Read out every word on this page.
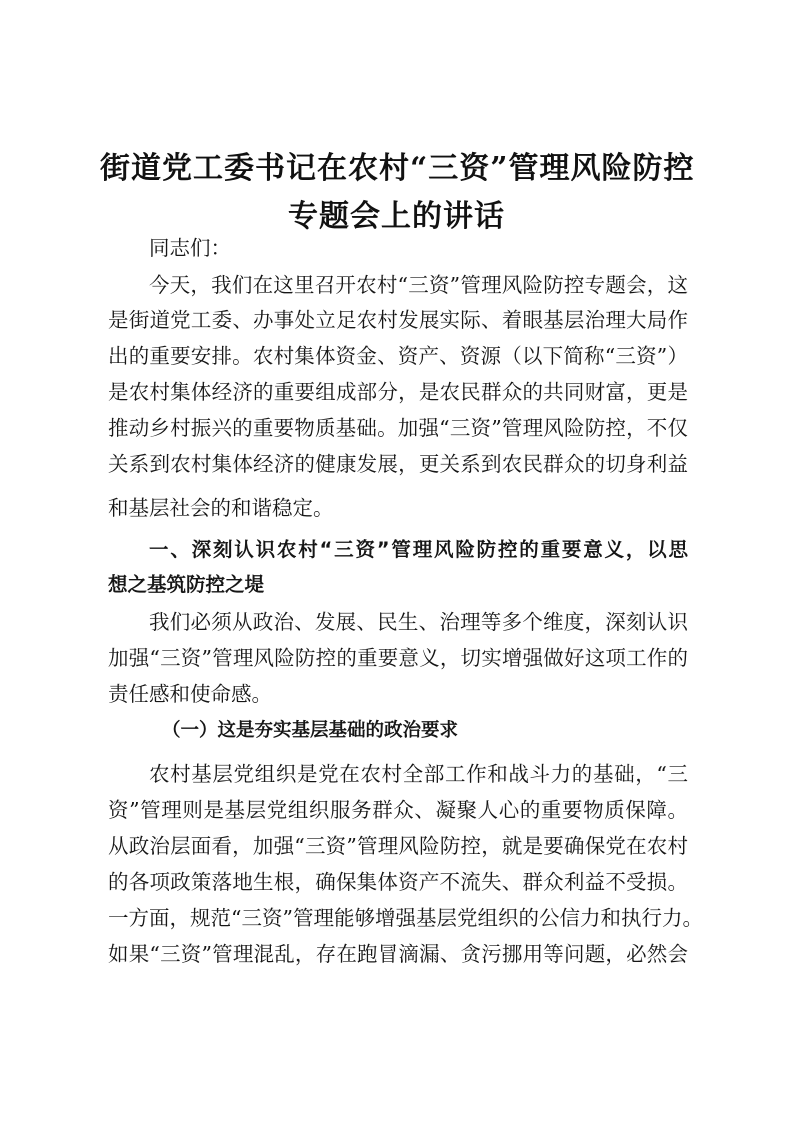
街道党工委书记在农村“三资”管理风险防控
专题会上的讲话
同志们：
今天，我们在这里召开农村“三资”管理风险防控专题会，这
是街道党工委、办事处立足农村发展实际、着眼基层治理大局作
出的重要安排。农村集体资金、资产、资源（以下简称“三资”）
是农村集体经济的重要组成部分，是农民群众的共同财富，更是
推动乡村振兴的重要物质基础。加强“三资”管理风险防控，不仅
关系到农村集体经济的健康发展，更关系到农民群众的切身利益
和基层社会的和谐稳定。
一、深刻认识农村“三资”管理风险防控的重要意义，以思
想之基筑防控之堤
我们必须从政治、发展、民生、治理等多个维度，深刻认识
加强“三资”管理风险防控的重要意义，切实增强做好这项工作的
责任感和使命感。
（一）这是夯实基层基础的政治要求
农村基层党组织是党在农村全部工作和战斗力的基础，“三
资”管理则是基层党组织服务群众、凝聚人心的重要物质保障。
从政治层面看，加强“三资”管理风险防控，就是要确保党在农村
的各项政策落地生根，确保集体资产不流失、群众利益不受损。
一方面，规范“三资”管理能够增强基层党组织的公信力和执行力。
如果“三资”管理混乱，存在跑冒滴漏、贪污挪用等问题，必然会
